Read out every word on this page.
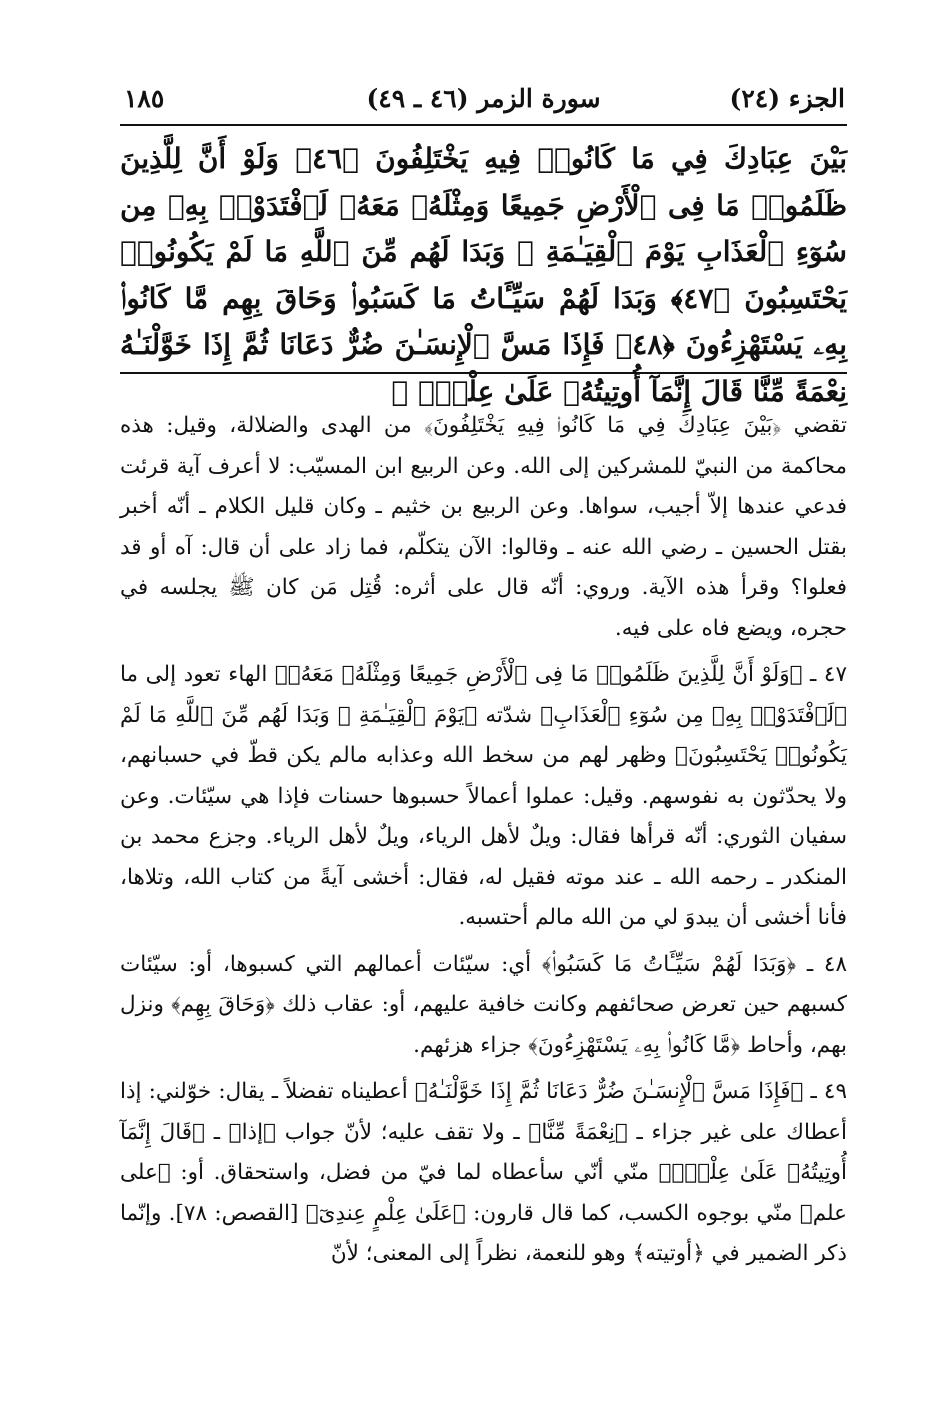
الجزء (٢٤)
سورة الزمر (٤٦ ـ ٤٩)
١٨٥
بَيْنَ عِبَادِكَ فِي مَا كَانُوا۟ فِيهِ يَخْتَلِفُونَ ﴿٤٦﴾ وَلَوْ أَنَّ لِلَّذِينَ ظَلَمُوا۟ مَا فِى ٱلْأَرْضِ جَمِيعًا وَمِثْلَهُۥ مَعَهُۥ لَٱفْتَدَوْا۟ بِهِۦ مِن سُوٓءِ ٱلْعَذَابِ يَوْمَ ٱلْقِيَـٰمَةِ ۚ وَبَدَا لَهُم مِّنَ ٱللَّهِ مَا لَمْ يَكُونُوا۟ يَحْتَسِبُونَ ﴿٤٧﴾ وَبَدَا لَهُمْ سَيِّـَٔاتُ مَا كَسَبُوا۟ وَحَاقَ بِهِم مَّا كَانُوا۟ بِهِۦ يَسْتَهْزِءُونَ ﴿٤٨﴾ فَإِذَا مَسَّ ٱلْإِنسَـٰنَ ضُرٌّ دَعَانَا ثُمَّ إِذَا خَوَّلْنَـٰهُ نِعْمَةً مِّنَّا قَالَ إِنَّمَآ أُوتِيتُهُۥ عَلَىٰ عِلْمٍۭ ۚ

تقضي ﴿بَيْنَ عِبَادِكَ فِي مَا كَانُوا۟ فِيهِ يَخْتَلِفُونَ﴾ من الهدى والضلالة، وقيل: هذه محاكمة من النبيّ للمشركين إلى الله. وعن الربيع ابن المسيّب: لا أعرف آية قرئت فدعي عندها إلاّ أجيب، سواها. وعن الربيع بن خثيم ـ وكان قليل الكلام ـ أنّه أخبر بقتل الحسين ـ رضي الله عنه ـ وقالوا: الآن يتكلّم، فما زاد على أن قال: آه أو قد فعلوا؟ وقرأ هذه الآية. وروي: أنّه قال على أثره: قُتِل مَن كان ﷺ يجلسه في حجره، ويضع فاه على فيه.

٤٧ ـ ﴿وَلَوْ أَنَّ لِلَّذِينَ ظَلَمُوا۟ مَا فِى ٱلْأَرْضِ جَمِيعًا وَمِثْلَهُۥ مَعَهُۥ﴾ الهاء تعود إلى ما ﴿لَٱفْتَدَوْا۟ بِهِۦ مِن سُوٓءِ ٱلْعَذَابِ﴾ شدّته ﴿يَوْمَ ٱلْقِيَـٰمَةِ ۚ وَبَدَا لَهُم مِّنَ ٱللَّهِ مَا لَمْ يَكُونُوا۟ يَحْتَسِبُونَ﴾ وظهر لهم من سخط الله وعذابه مالم يكن قطّ في حسبانهم، ولا يحدّثون به نفوسهم. وقيل: عملوا أعمالاً حسبوها حسنات فإذا هي سيّئات. وعن سفيان الثوري: أنّه قرأها فقال: ويلٌ لأهل الرياء، ويلٌ لأهل الرياء. وجزع محمد بن المنكدر ـ رحمه الله ـ عند موته فقيل له، فقال: أخشى آيةً من كتاب الله، وتلاها، فأنا أخشى أن يبدوَ لي من الله مالم أحتسبه.

٤٨ ـ ﴿وَبَدَا لَهُمْ سَيِّـَٔاتُ مَا كَسَبُوا۟﴾ أي: سيّئات أعمالهم التي كسبوها، أو: سيّئات كسبهم حين تعرض صحائفهم وكانت خافية عليهم، أو: عقاب ذلك ﴿وَحَاقَ بِهِم﴾ ونزل بهم، وأحاط ﴿مَّا كَانُوا۟ بِهِۦ يَسْتَهْزِءُونَ﴾ جزاء هزئهم.

٤٩ ـ ﴿فَإِذَا مَسَّ ٱلْإِنسَـٰنَ ضُرٌّ دَعَانَا ثُمَّ إِذَا خَوَّلْنَـٰهُ﴾ أعطيناه تفضلاً ـ يقال: خوّلني: إذا أعطاك على غير جزاء ـ ﴿نِعْمَةً مِّنَّا﴾ ـ ولا تقف عليه؛ لأنّ جواب ﴿إذا﴾ ـ ﴿قَالَ إِنَّمَآ أُوتِيتُهُۥ عَلَىٰ عِلْمٍۭ﴾ منّي أنّي سأعطاه لما فيّ من فضل، واستحقاق. أو: ﴿على علم﴾ منّي بوجوه الكسب، كما قال قارون: ﴿عَلَىٰ عِلْمٍ عِندِىٓ﴾ [القصص: ٧٨]. وإنّما ذكر الضمير في ﴿أوتيته﴾ وهو للنعمة، نظراً إلى المعنى؛ لأنّ
